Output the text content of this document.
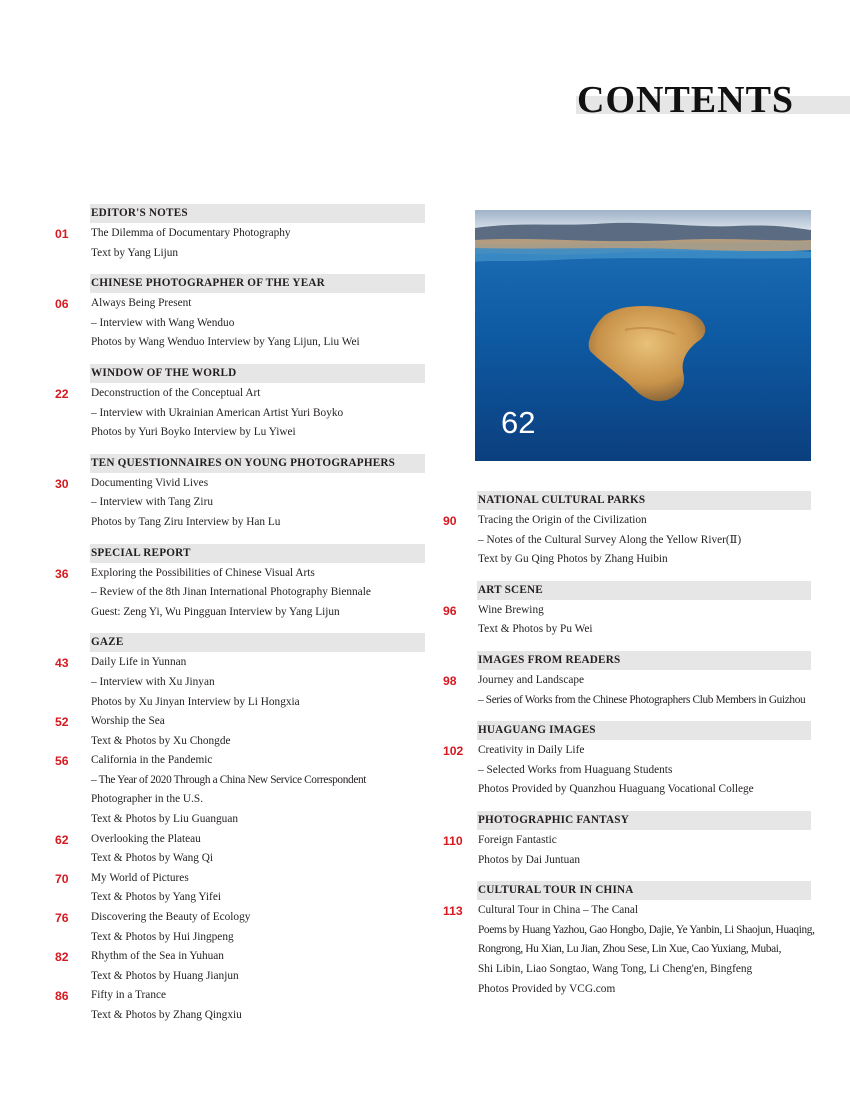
CONTENTS
62
EDITOR'S NOTES
01	The Dilemma of Documentary Photography
Text by Yang Lijun
CHINESE PHOTOGRAPHER OF THE YEAR
06	Always Being Present
– Interview with Wang Wenduo
Photos by Wang Wenduo Interview by Yang Lijun, Liu Wei
WINDOW OF THE WORLD
22	Deconstruction of the Conceptual Art
– Interview with Ukrainian American Artist Yuri Boyko
Photos by Yuri Boyko Interview by Lu Yiwei
TEN QUESTIONNAIRES ON YOUNG PHOTOGRAPHERS
30	Documenting Vivid Lives
– Interview with Tang Ziru
Photos by Tang Ziru Interview by Han Lu
SPECIAL REPORT
36	Exploring the Possibilities of Chinese Visual Arts
– Review of the 8th Jinan International Photography Biennale
Guest: Zeng Yi, Wu Pingguan Interview by Yang Lijun
GAZE
43	Daily Life in Yunnan
– Interview with Xu Jinyan
Photos by Xu Jinyan Interview by Li Hongxia
52	Worship the Sea
Text & Photos by Xu Chongde
56	California in the Pandemic
– The Year of 2020 Through a China New Service Correspondent
Photographer in the U.S.
Text & Photos by Liu Guanguan
62	Overlooking the Plateau
Text & Photos by Wang Qi
70	My World of Pictures
Text & Photos by Yang Yifei
76	Discovering the Beauty of Ecology
Text & Photos by Hui Jingpeng
82	Rhythm of the Sea in Yuhuan
Text & Photos by Huang Jianjun
86	Fifty in a Trance
Text & Photos by Zhang Qingxiu
NATIONAL CULTURAL PARKS
90	Tracing the Origin of the Civilization
– Notes of the Cultural Survey Along the Yellow River(Ⅱ)
Text by Gu Qing Photos by Zhang Huibin
ART SCENE
96	Wine Brewing
Text & Photos by Pu Wei
IMAGES FROM READERS
98	Journey and Landscape
– Series of Works from the Chinese Photographers Club Members in Guizhou
HUAGUANG IMAGES
102	Creativity in Daily Life
– Selected Works from Huaguang Students
Photos Provided by Quanzhou Huaguang Vocational College
PHOTOGRAPHIC FANTASY
110	Foreign Fantastic
Photos by Dai Juntuan
CULTURAL TOUR IN CHINA
113	Cultural Tour in China – The Canal
Poems by Huang Yazhou, Gao Hongbo, Dajie, Ye Yanbin, Li Shaojun, Huaqing,
Rongrong, Hu Xian, Lu Jian, Zhou Sese, Lin Xue, Cao Yuxiang, Mubai,
Shi Libin, Liao Songtao, Wang Tong, Li Cheng'en, Bingfeng
Photos Provided by VCG.com
